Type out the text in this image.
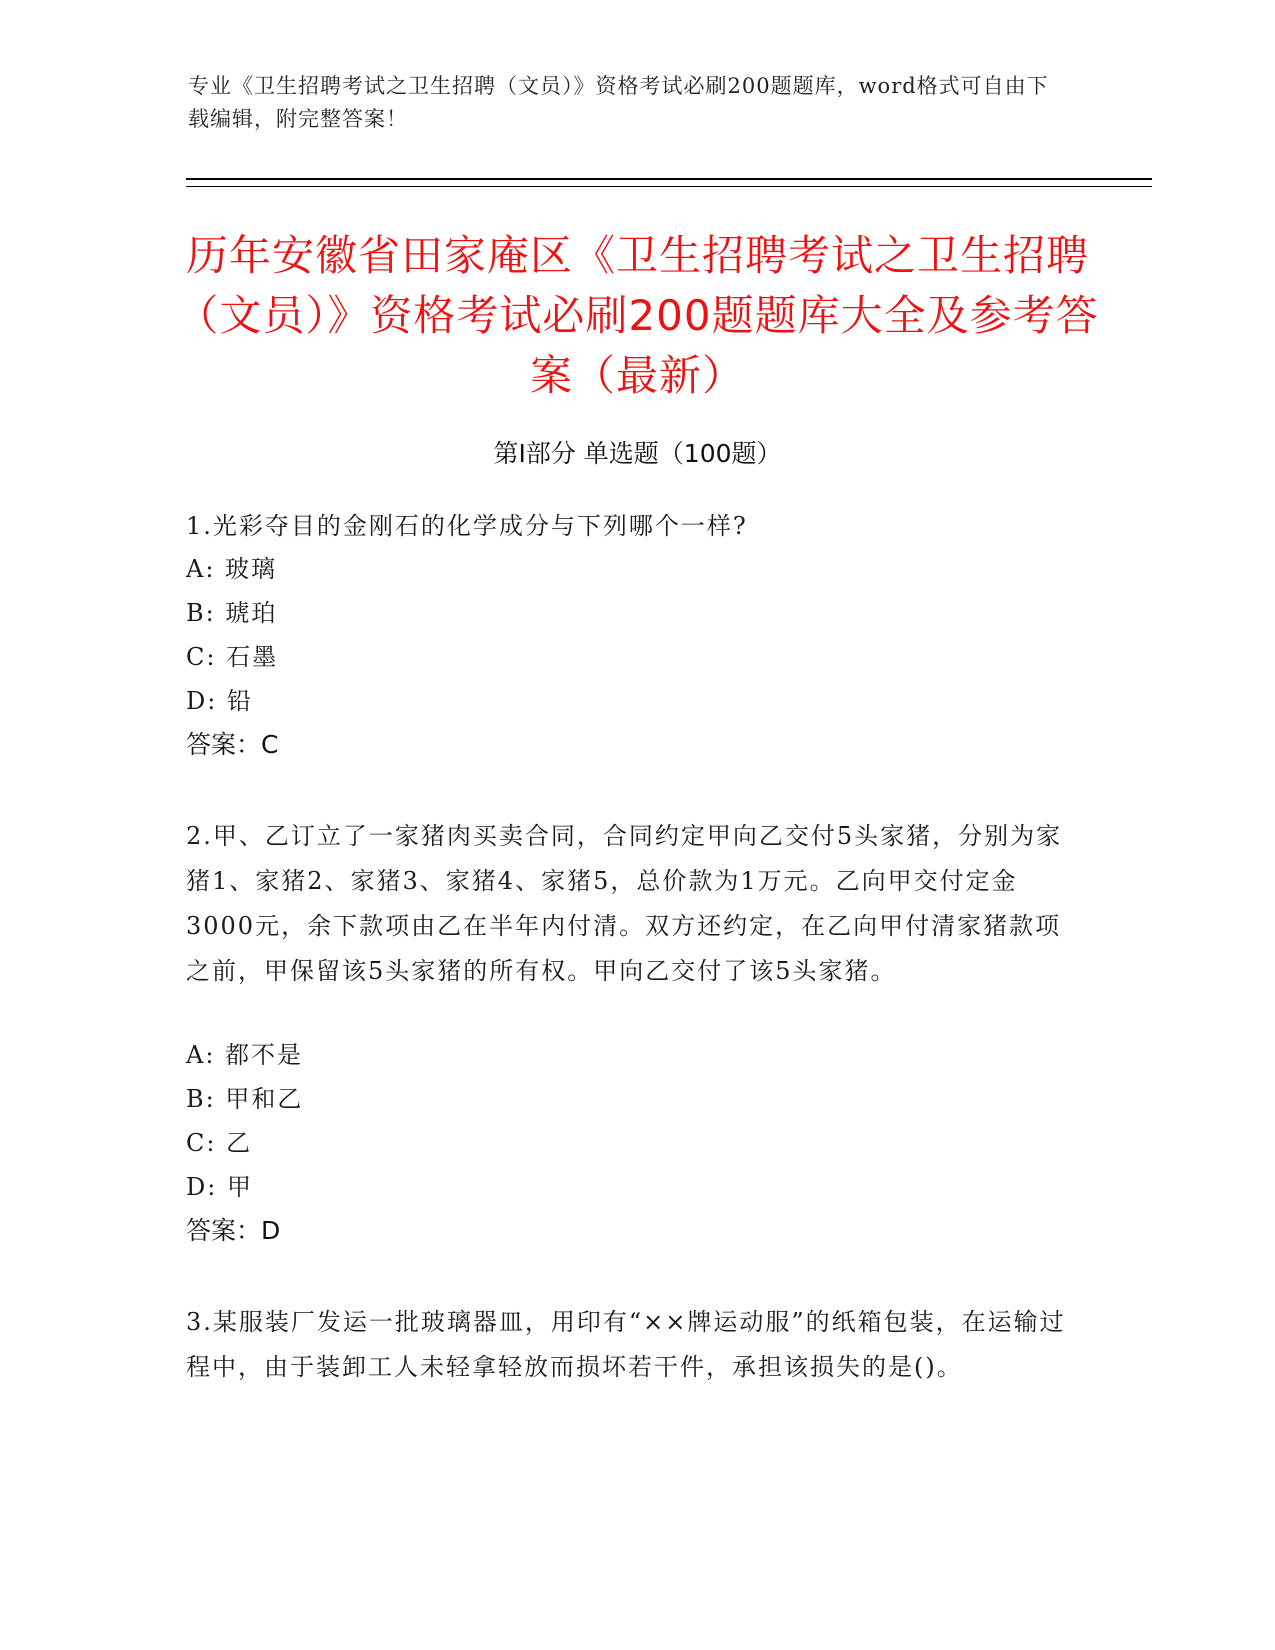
专业《卫生招聘考试之卫生招聘（文员）》资格考试必刷200题题库，word格式可自由下载编辑，附完整答案！
历年安徽省田家庵区《卫生招聘考试之卫生招聘（文员）》资格考试必刷200题题库大全及参考答案（最新）
第Ⅰ部分 单选题（100题）
1.光彩夺目的金刚石的化学成分与下列哪个一样?
A: 玻璃
B: 琥珀
C: 石墨
D: 铅
答案：C
2.甲、乙订立了一家猪肉买卖合同，合同约定甲向乙交付5头家猪，分别为家猪1、家猪2、家猪3、家猪4、家猪5，总价款为1万元。乙向甲交付定金3000元，余下款项由乙在半年内付清。双方还约定，在乙向甲付清家猪款项之前，甲保留该5头家猪的所有权。甲向乙交付了该5头家猪。
A: 都不是
B: 甲和乙
C: 乙
D: 甲
答案：D
3.某服装厂发运一批玻璃器皿，用印有“××牌运动服”的纸箱包装，在运输过程中，由于装卸工人未轻拿轻放而损坏若干件，承担该损失的是()。
